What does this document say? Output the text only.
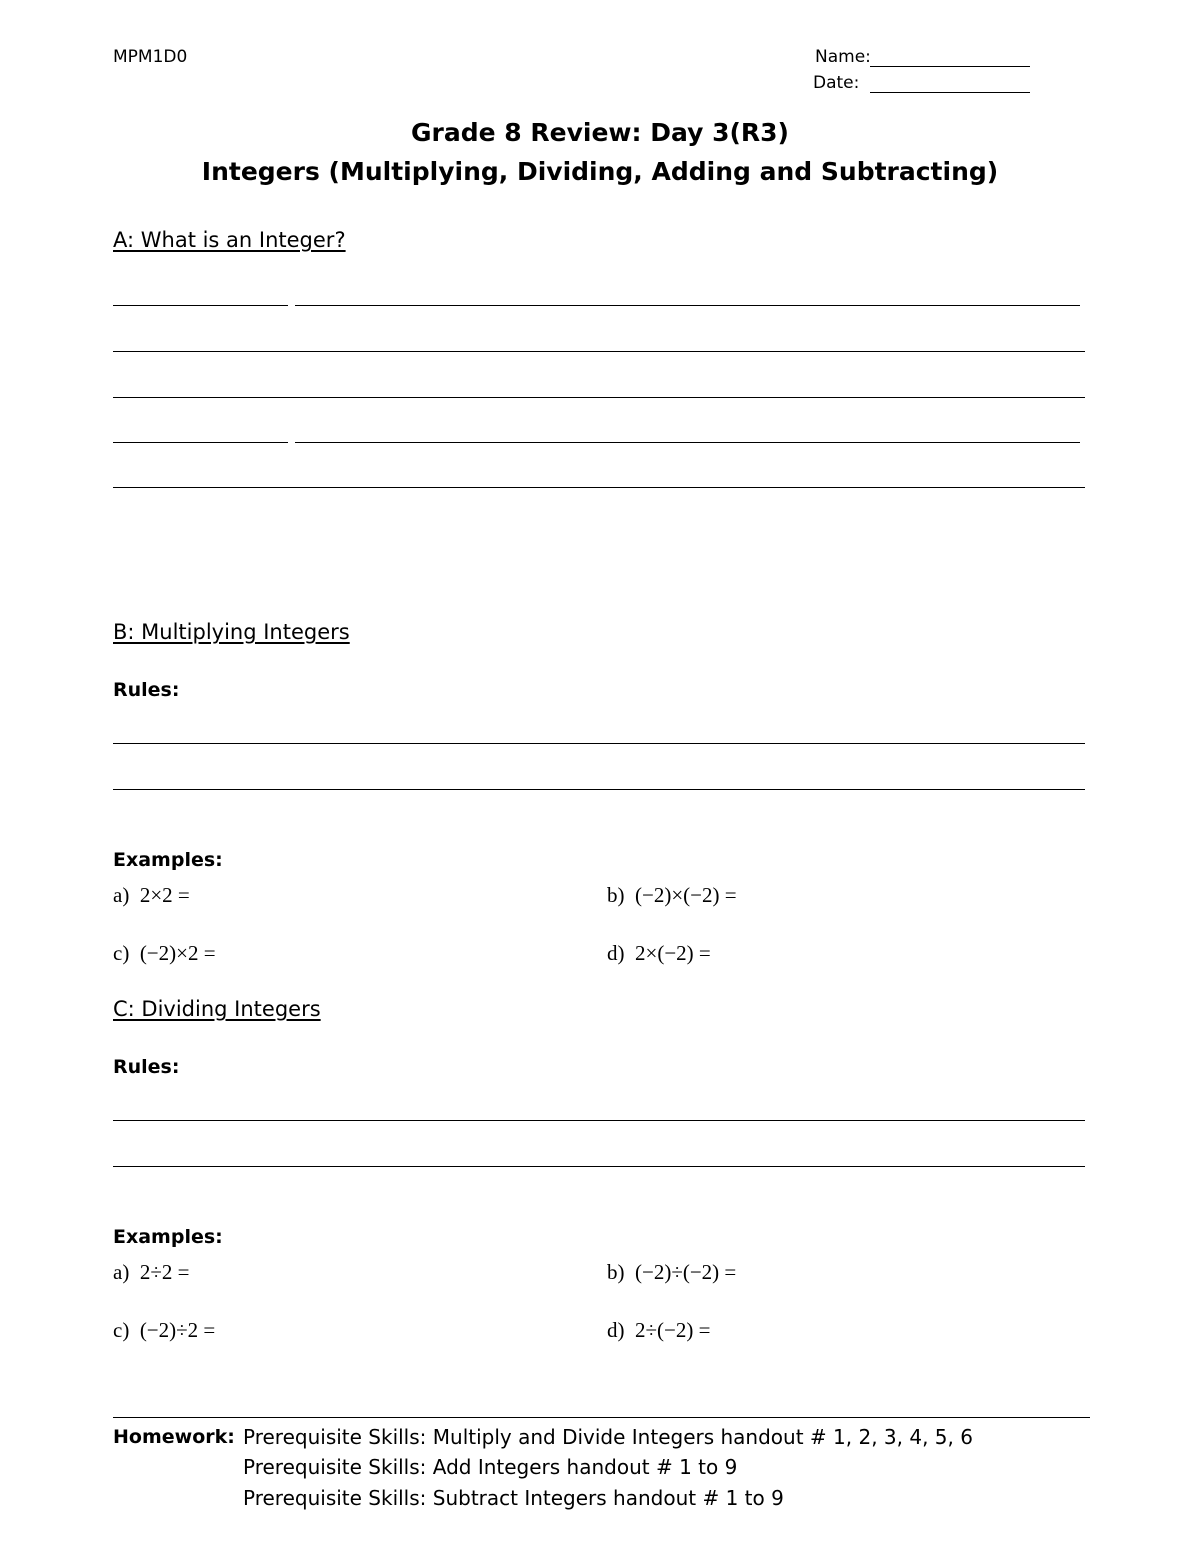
MPM1D0	Name:
Date:
Grade 8 Review: Day 3(R3)
Integers (Multiplying, Dividing, Adding and Subtracting)
A: What is an Integer?
B: Multiplying Integers
Rules:
Examples:
a)  2×2 =	b)  (−2)×(−2) =
c)  (−2)×2 =	d)  2×(−2) =
C: Dividing Integers
Rules:
Examples:
a)  2÷2 =	b)  (−2)÷(−2) =
c)  (−2)÷2 =	d)  2÷(−2) =
Homework: Prerequisite Skills: Multiply and Divide Integers handout # 1, 2, 3, 4, 5, 6
Prerequisite Skills: Add Integers handout # 1 to 9
Prerequisite Skills: Subtract Integers handout # 1 to 9
